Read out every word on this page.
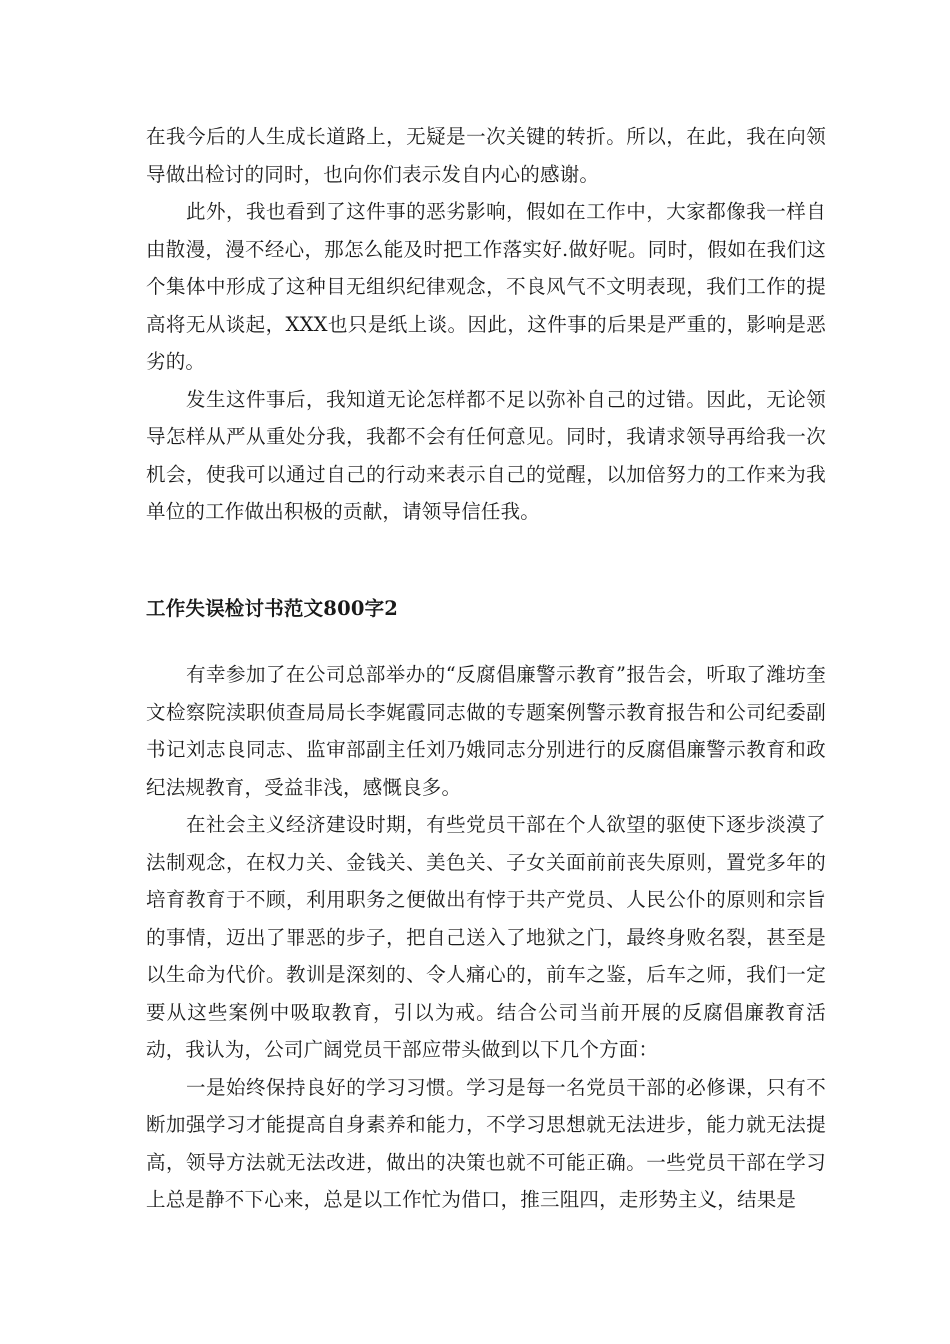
在我今后的人生成长道路上，无疑是一次关键的转折。所以，在此，我在向领导做出检讨的同时，也向你们表示发自内心的感谢。

此外，我也看到了这件事的恶劣影响，假如在工作中，大家都像我一样自由散漫，漫不经心，那怎么能及时把工作落实好.做好呢。同时，假如在我们这个集体中形成了这种目无组织纪律观念，不良风气不文明表现，我们工作的提高将无从谈起，XXX也只是纸上谈。因此，这件事的后果是严重的，影响是恶劣的。

发生这件事后，我知道无论怎样都不足以弥补自己的过错。因此，无论领导怎样从严从重处分我，我都不会有任何意见。同时，我请求领导再给我一次机会，使我可以通过自己的行动来表示自己的觉醒，以加倍努力的工作来为我单位的工作做出积极的贡献，请领导信任我。

工作失误检讨书范文800字2

有幸参加了在公司总部举办的“反腐倡廉警示教育”报告会，听取了潍坊奎文检察院渎职侦查局局长李娓霞同志做的专题案例警示教育报告和公司纪委副书记刘志良同志、监审部副主任刘乃娥同志分别进行的反腐倡廉警示教育和政纪法规教育，受益非浅，感慨良多。

在社会主义经济建设时期，有些党员干部在个人欲望的驱使下逐步淡漠了法制观念，在权力关、金钱关、美色关、子女关面前前丧失原则，置党多年的培育教育于不顾，利用职务之便做出有悖于共产党员、人民公仆的原则和宗旨的事情，迈出了罪恶的步子，把自己送入了地狱之门，最终身败名裂，甚至是以生命为代价。教训是深刻的、令人痛心的，前车之鉴，后车之师，我们一定要从这些案例中吸取教育，引以为戒。结合公司当前开展的反腐倡廉教育活动，我认为，公司广阔党员干部应带头做到以下几个方面：

一是始终保持良好的学习习惯。学习是每一名党员干部的必修课，只有不断加强学习才能提高自身素养和能力，不学习思想就无法进步，能力就无法提高，领导方法就无法改进，做出的决策也就不可能正确。一些党员干部在学习上总是静不下心来，总是以工作忙为借口，推三阻四，走形势主义，结果是
